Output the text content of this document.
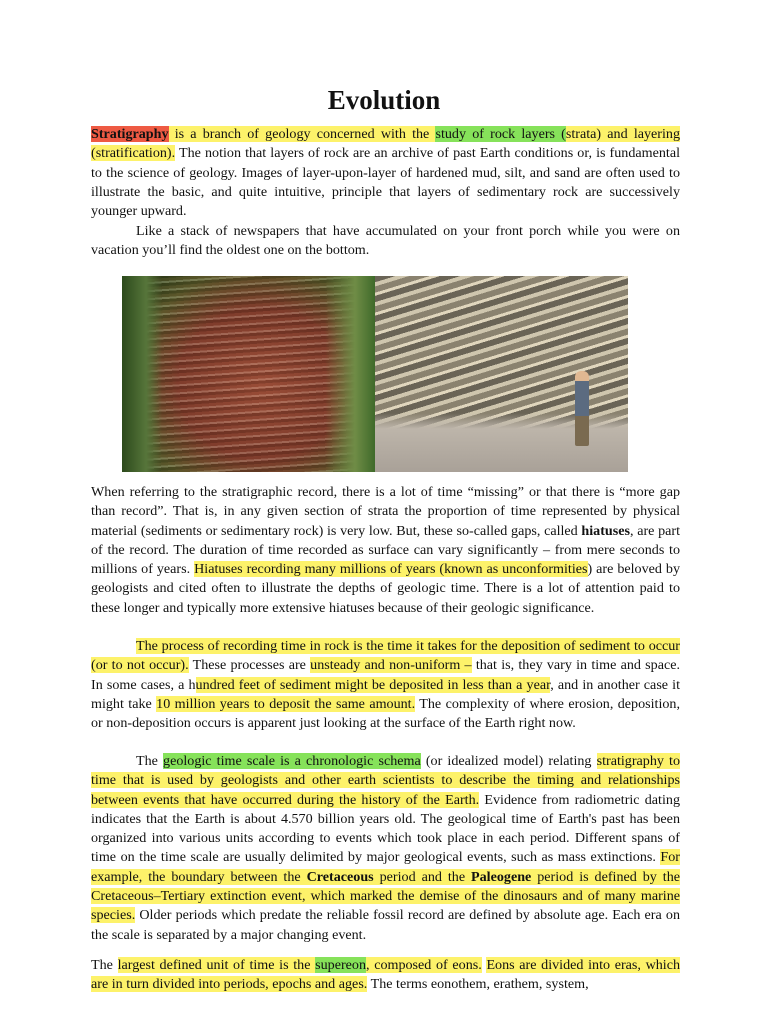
Evolution
Stratigraphy is a branch of geology concerned with the study of rock layers (strata) and layering (stratification). The notion that layers of rock are an archive of past Earth conditions or, is fundamental to the science of geology. Images of layer-upon-layer of hardened mud, silt, and sand are often used to illustrate the basic, and quite intuitive, principle that layers of sedimentary rock are successively younger upward.
Like a stack of newspapers that have accumulated on your front porch while you were on vacation you’ll find the oldest one on the bottom.
When referring to the stratigraphic record, there is a lot of time “missing” or that there is “more gap than record”. That is, in any given section of strata the proportion of time represented by physical material (sediments or sedimentary rock) is very low. But, these so-called gaps, called hiatuses, are part of the record. The duration of time recorded as surface can vary significantly – from mere seconds to millions of years. Hiatuses recording many millions of years (known as unconformities) are beloved by geologists and cited often to illustrate the depths of geologic time. There is a lot of attention paid to these longer and typically more extensive hiatuses because of their geologic significance.
The process of recording time in rock is the time it takes for the deposition of sediment to occur (or to not occur). These processes are unsteady and non-uniform – that is, they vary in time and space. In some cases, a hundred feet of sediment might be deposited in less than a year, and in another case it might take 10 million years to deposit the same amount. The complexity of where erosion, deposition, or non-deposition occurs is apparent just looking at the surface of the Earth right now.
The geologic time scale is a chronologic schema (or idealized model) relating stratigraphy to time that is used by geologists and other earth scientists to describe the timing and relationships between events that have occurred during the history of the Earth. Evidence from radiometric dating indicates that the Earth is about 4.570 billion years old. The geological time of Earth's past has been organized into various units according to events which took place in each period. Different spans of time on the time scale are usually delimited by major geological events, such as mass extinctions. For example, the boundary between the Cretaceous period and the Paleogene period is defined by the Cretaceous–Tertiary extinction event, which marked the demise of the dinosaurs and of many marine species. Older periods which predate the reliable fossil record are defined by absolute age. Each era on the scale is separated by a major changing event.
The largest defined unit of time is the supereon, composed of eons. Eons are divided into eras, which are in turn divided into periods, epochs and ages. The terms eonothem, erathem, system,
